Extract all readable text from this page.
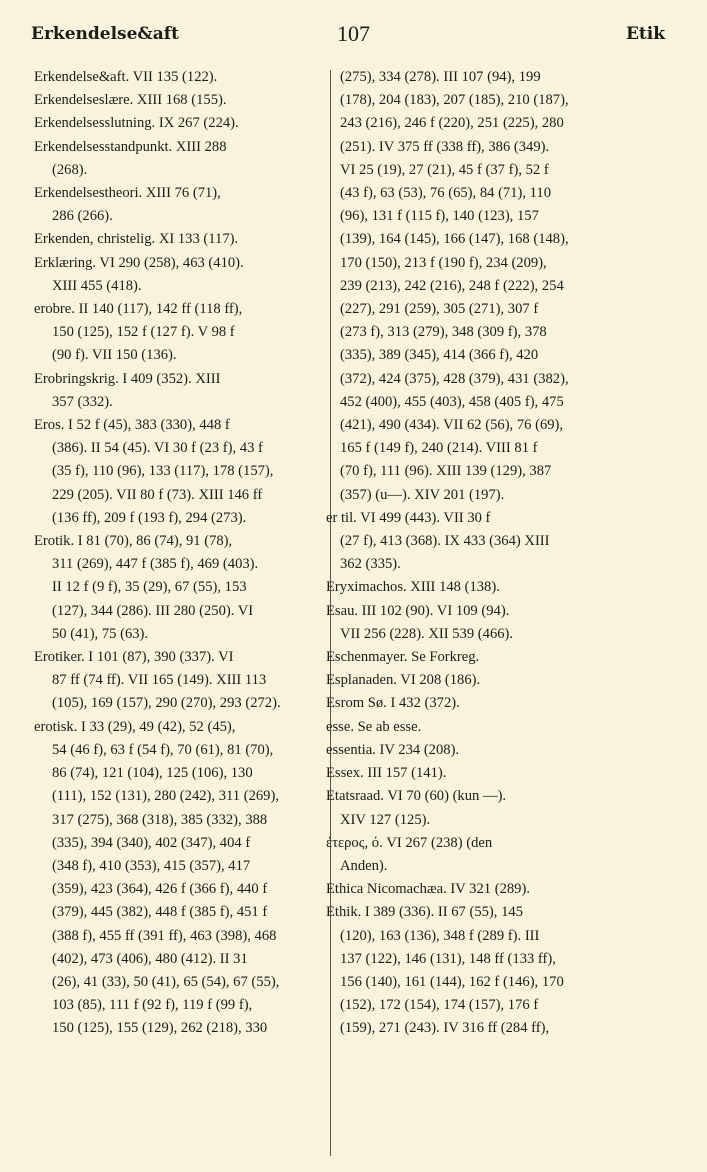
Erkendelse&aft	107	Etik
Erkendelse&aft. VII 135 (122).
Erkendelseslære. XIII 168 (155).
Erkendelsesslutning. IX 267 (224).
Erkendelsesstandpunkt. XIII 288
(268).
Erkendelsestheori. XIII 76 (71),
286 (266).
Erkenden, christelig. XI 133 (117).
Erklæring. VI 290 (258), 463 (410).
XIII 455 (418).
erobre. II 140 (117), 142 ff (118 ff),
150 (125), 152 f (127 f). V 98 f
(90 f). VII 150 (136).
Erobringskrig. I 409 (352). XIII
357 (332).
Eros. I 52 f (45), 383 (330), 448 f
(386). II 54 (45). VI 30 f (23 f), 43 f
(35 f), 110 (96), 133 (117), 178 (157),
229 (205). VII 80 f (73). XIII 146 ff
(136 ff), 209 f (193 f), 294 (273).
Erotik. I 81 (70), 86 (74), 91 (78),
311 (269), 447 f (385 f), 469 (403).
II 12 f (9 f), 35 (29), 67 (55), 153
(127), 344 (286). III 280 (250). VI
50 (41), 75 (63).
Erotiker. I 101 (87), 390 (337). VI
87 ff (74 ff). VII 165 (149). XIII 113
(105), 169 (157), 290 (270), 293 (272).
erotisk. I 33 (29), 49 (42), 52 (45),
54 (46 f), 63 f (54 f), 70 (61), 81 (70),
86 (74), 121 (104), 125 (106), 130
(111), 152 (131), 280 (242), 311 (269),
317 (275), 368 (318), 385 (332), 388
(335), 394 (340), 402 (347), 404 f
(348 f), 410 (353), 415 (357), 417
(359), 423 (364), 426 f (366 f), 440 f
(379), 445 (382), 448 f (385 f), 451 f
(388 f), 455 ff (391 ff), 463 (398), 468
(402), 473 (406), 480 (412). II 31
(26), 41 (33), 50 (41), 65 (54), 67 (55),
103 (85), 111 f (92 f), 119 f (99 f),
150 (125), 155 (129), 262 (218), 330
(275), 334 (278). III 107 (94), 199
(178), 204 (183), 207 (185), 210 (187),
243 (216), 246 f (220), 251 (225), 280
(251). IV 375 ff (338 ff), 386 (349).
VI 25 (19), 27 (21), 45 f (37 f), 52 f
(43 f), 63 (53), 76 (65), 84 (71), 110
(96), 131 f (115 f), 140 (123), 157
(139), 164 (145), 166 (147), 168 (148),
170 (150), 213 f (190 f), 234 (209),
239 (213), 242 (216), 248 f (222), 254
(227), 291 (259), 305 (271), 307 f
(273 f), 313 (279), 348 (309 f), 378
(335), 389 (345), 414 (366 f), 420
(372), 424 (375), 428 (379), 431 (382),
452 (400), 455 (403), 458 (405 f), 475
(421), 490 (434). VII 62 (56), 76 (69),
165 f (149 f), 240 (214). VIII 81 f
(70 f), 111 (96). XIII 139 (129), 387
(357) (u—). XIV 201 (197).
er til. VI 499 (443). VII 30 f
(27 f), 413 (368). IX 433 (364) XIII
362 (335).
Eryximachos. XIII 148 (138).
Esau. III 102 (90). VI 109 (94).
VII 256 (228). XII 539 (466).
Eschenmayer. Se Forkreg.
Esplanaden. VI 208 (186).
Esrom Sø. I 432 (372).
esse. Se ab esse.
essentia. IV 234 (208).
Essex. III 157 (141).
Etatsraad. VI 70 (60) (kun —).
XIV 127 (125).
έτερος, ό. VI 267 (238) (den
Anden).
Ethica Nicomachæa. IV 321 (289).
Ethik. I 389 (336). II 67 (55), 145
(120), 163 (136), 348 f (289 f). III
137 (122), 146 (131), 148 ff (133 ff),
156 (140), 161 (144), 162 f (146), 170
(152), 172 (154), 174 (157), 176 f
(159), 271 (243). IV 316 ff (284 ff),
